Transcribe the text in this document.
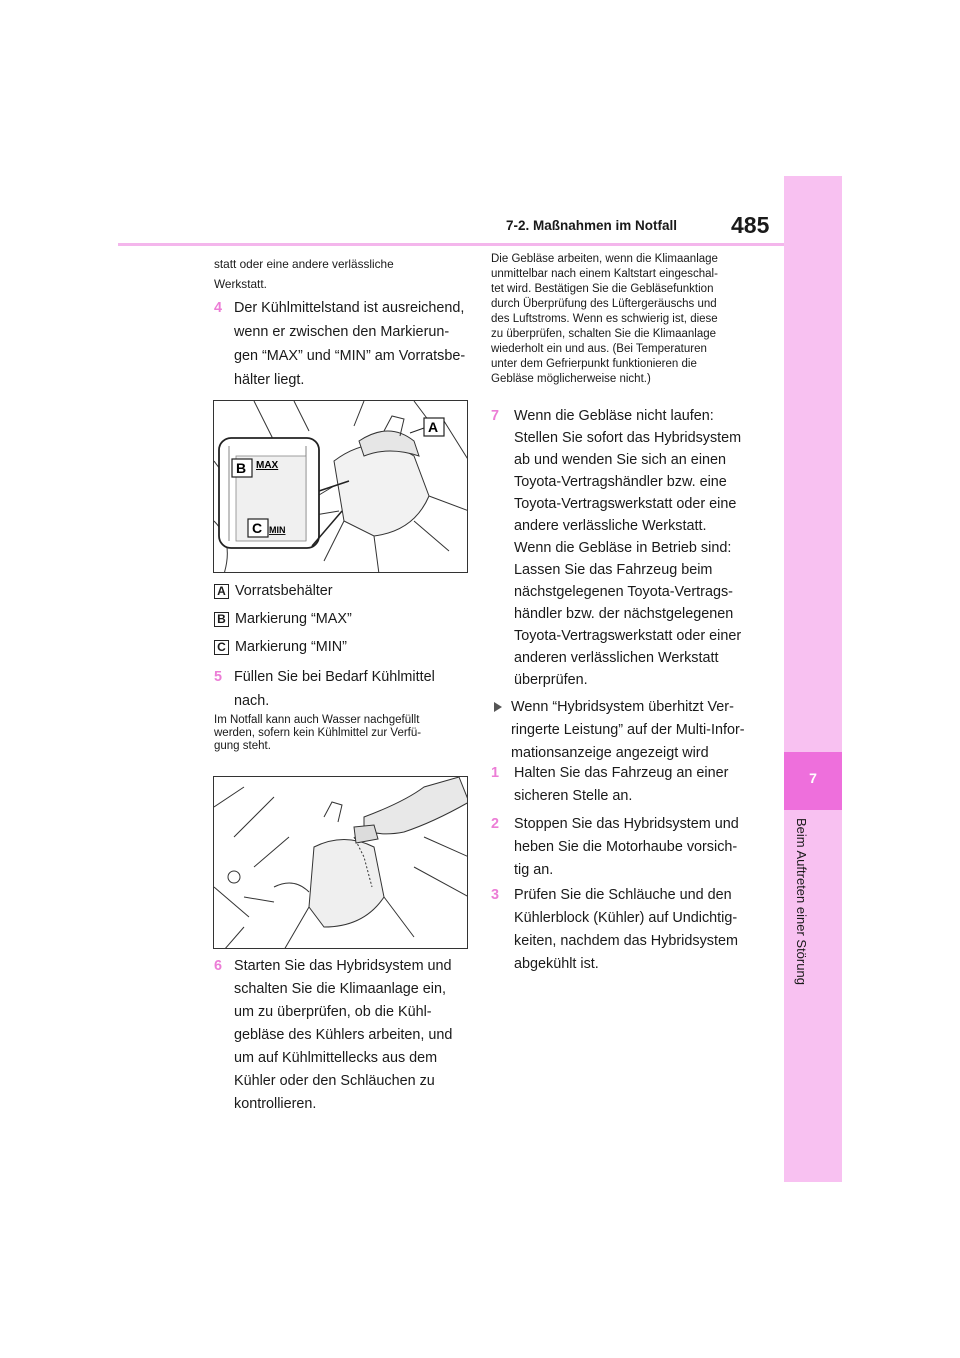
7-2. Maßnahmen im Notfall 485
7
Beim Auftreten einer Störung
statt oder eine andere verlässliche
Werkstatt.
4 Der Kühlmittelstand ist ausreichend,
wenn er zwischen den Markierun-
gen “MAX” und “MIN” am Vorratsbe-
hälter liegt.
MAX
MIN
A
B
C
A Vorratsbehälter
B Markierung “MAX”
C Markierung “MIN”
5 Füllen Sie bei Bedarf Kühlmittel
nach.
Im Notfall kann auch Wasser nachgefüllt
werden, sofern kein Kühlmittel zur Verfü-
gung steht.
6 Starten Sie das Hybridsystem und
schalten Sie die Klimaanlage ein,
um zu überprüfen, ob die Kühl-
gebläse des Kühlers arbeiten, und
um auf Kühlmittellecks aus dem
Kühler oder den Schläuchen zu
kontrollieren.
Die Gebläse arbeiten, wenn die Klimaanlage
unmittelbar nach einem Kaltstart eingeschal-
tet wird. Bestätigen Sie die Gebläsefunktion
durch Überprüfung des Lüftergeräuschs und
des Luftstroms. Wenn es schwierig ist, diese
zu überprüfen, schalten Sie die Klimaanlage
wiederholt ein und aus. (Bei Temperaturen
unter dem Gefrierpunkt funktionieren die
Gebläse möglicherweise nicht.)
7 Wenn die Gebläse nicht laufen:
Stellen Sie sofort das Hybridsystem
ab und wenden Sie sich an einen
Toyota-Vertragshändler bzw. eine
Toyota-Vertragswerkstatt oder eine
andere verlässliche Werkstatt.
Wenn die Gebläse in Betrieb sind:
Lassen Sie das Fahrzeug beim
nächstgelegenen Toyota-Vertrags-
händler bzw. der nächstgelegenen
Toyota-Vertragswerkstatt oder einer
anderen verlässlichen Werkstatt
überprüfen.
Wenn “Hybridsystem überhitzt Ver-
ringerte Leistung” auf der Multi-Infor-
mationsanzeige angezeigt wird
1 Halten Sie das Fahrzeug an einer
sicheren Stelle an.
2 Stoppen Sie das Hybridsystem und
heben Sie die Motorhaube vorsich-
tig an.
3 Prüfen Sie die Schläuche und den
Kühlerblock (Kühler) auf Undichtig-
keiten, nachdem das Hybridsystem
abgekühlt ist.
